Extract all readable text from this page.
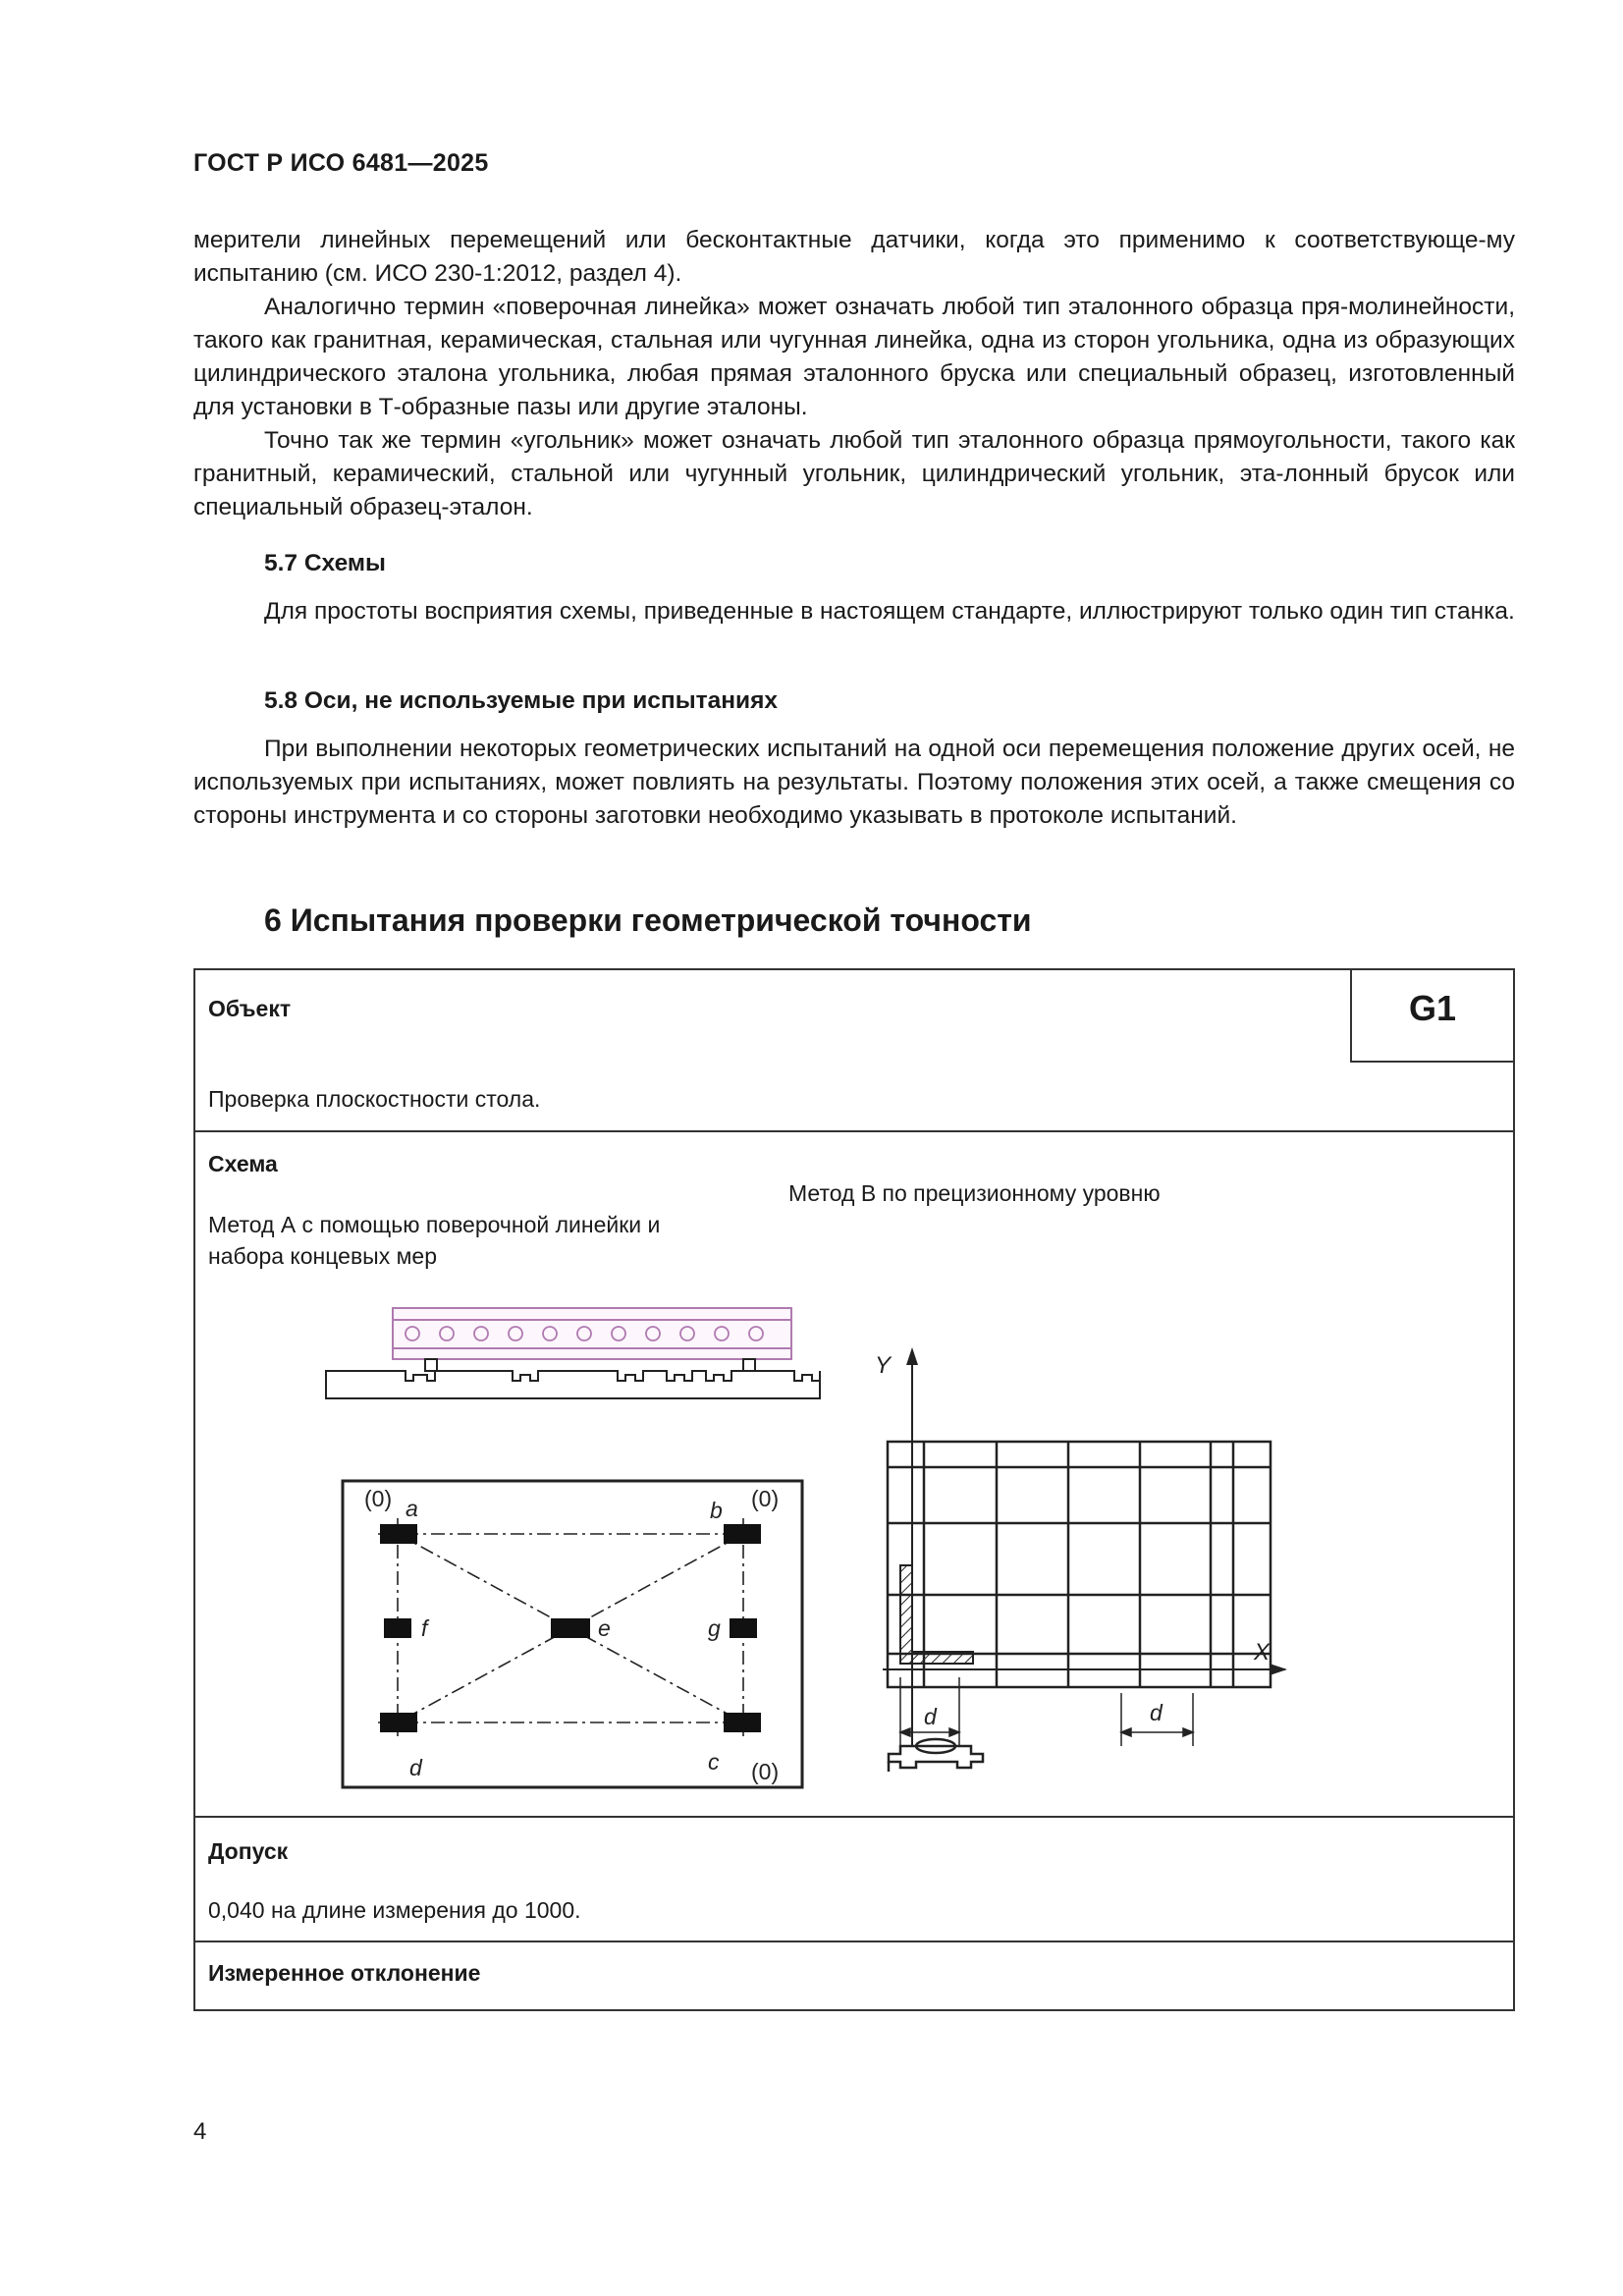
ГОСТ Р ИСО 6481—2025

мерители линейных перемещений или бесконтактные датчики, когда это применимо к соответствующе-му испытанию (см. ИСО 230-1:2012, раздел 4).

Аналогично термин «поверочная линейка» может означать любой тип эталонного образца пря-молинейности, такого как гранитная, керамическая, стальная или чугунная линейка, одна из сторон угольника, одна из образующих цилиндрического эталона угольника, любая прямая эталонного бруска или специальный образец, изготовленный для установки в Т-образные пазы или другие эталоны.

Точно так же термин «угольник» может означать любой тип эталонного образца прямоугольности, такого как гранитный, керамический, стальной или чугунный угольник, цилиндрический угольник, эта-лонный брусок или специальный образец-эталон.

5.7 Схемы

Для простоты восприятия схемы, приведенные в настоящем стандарте, иллюстрируют только один тип станка.

5.8 Оси, не используемые при испытаниях

При выполнении некоторых геометрических испытаний на одной оси перемещения положение других осей, не используемых при испытаниях, может повлиять на результаты. Поэтому положения этих осей, а также смещения со стороны инструмента и со стороны заготовки необходимо указывать в протоколе испытаний.

6 Испытания проверки геометрической точности
Объект	G1
Проверка плоскостности стола.
Схема
Метод В по прецизионному уровню
Метод А с помощью поверочной линейки и
набора концевых мер
(0)	(0)
(0)
a	b
d	c
f	g
e
Y
X
d	d
Допуск
0,040 на длине измерения до 1000.
Измеренное отклонение
4
